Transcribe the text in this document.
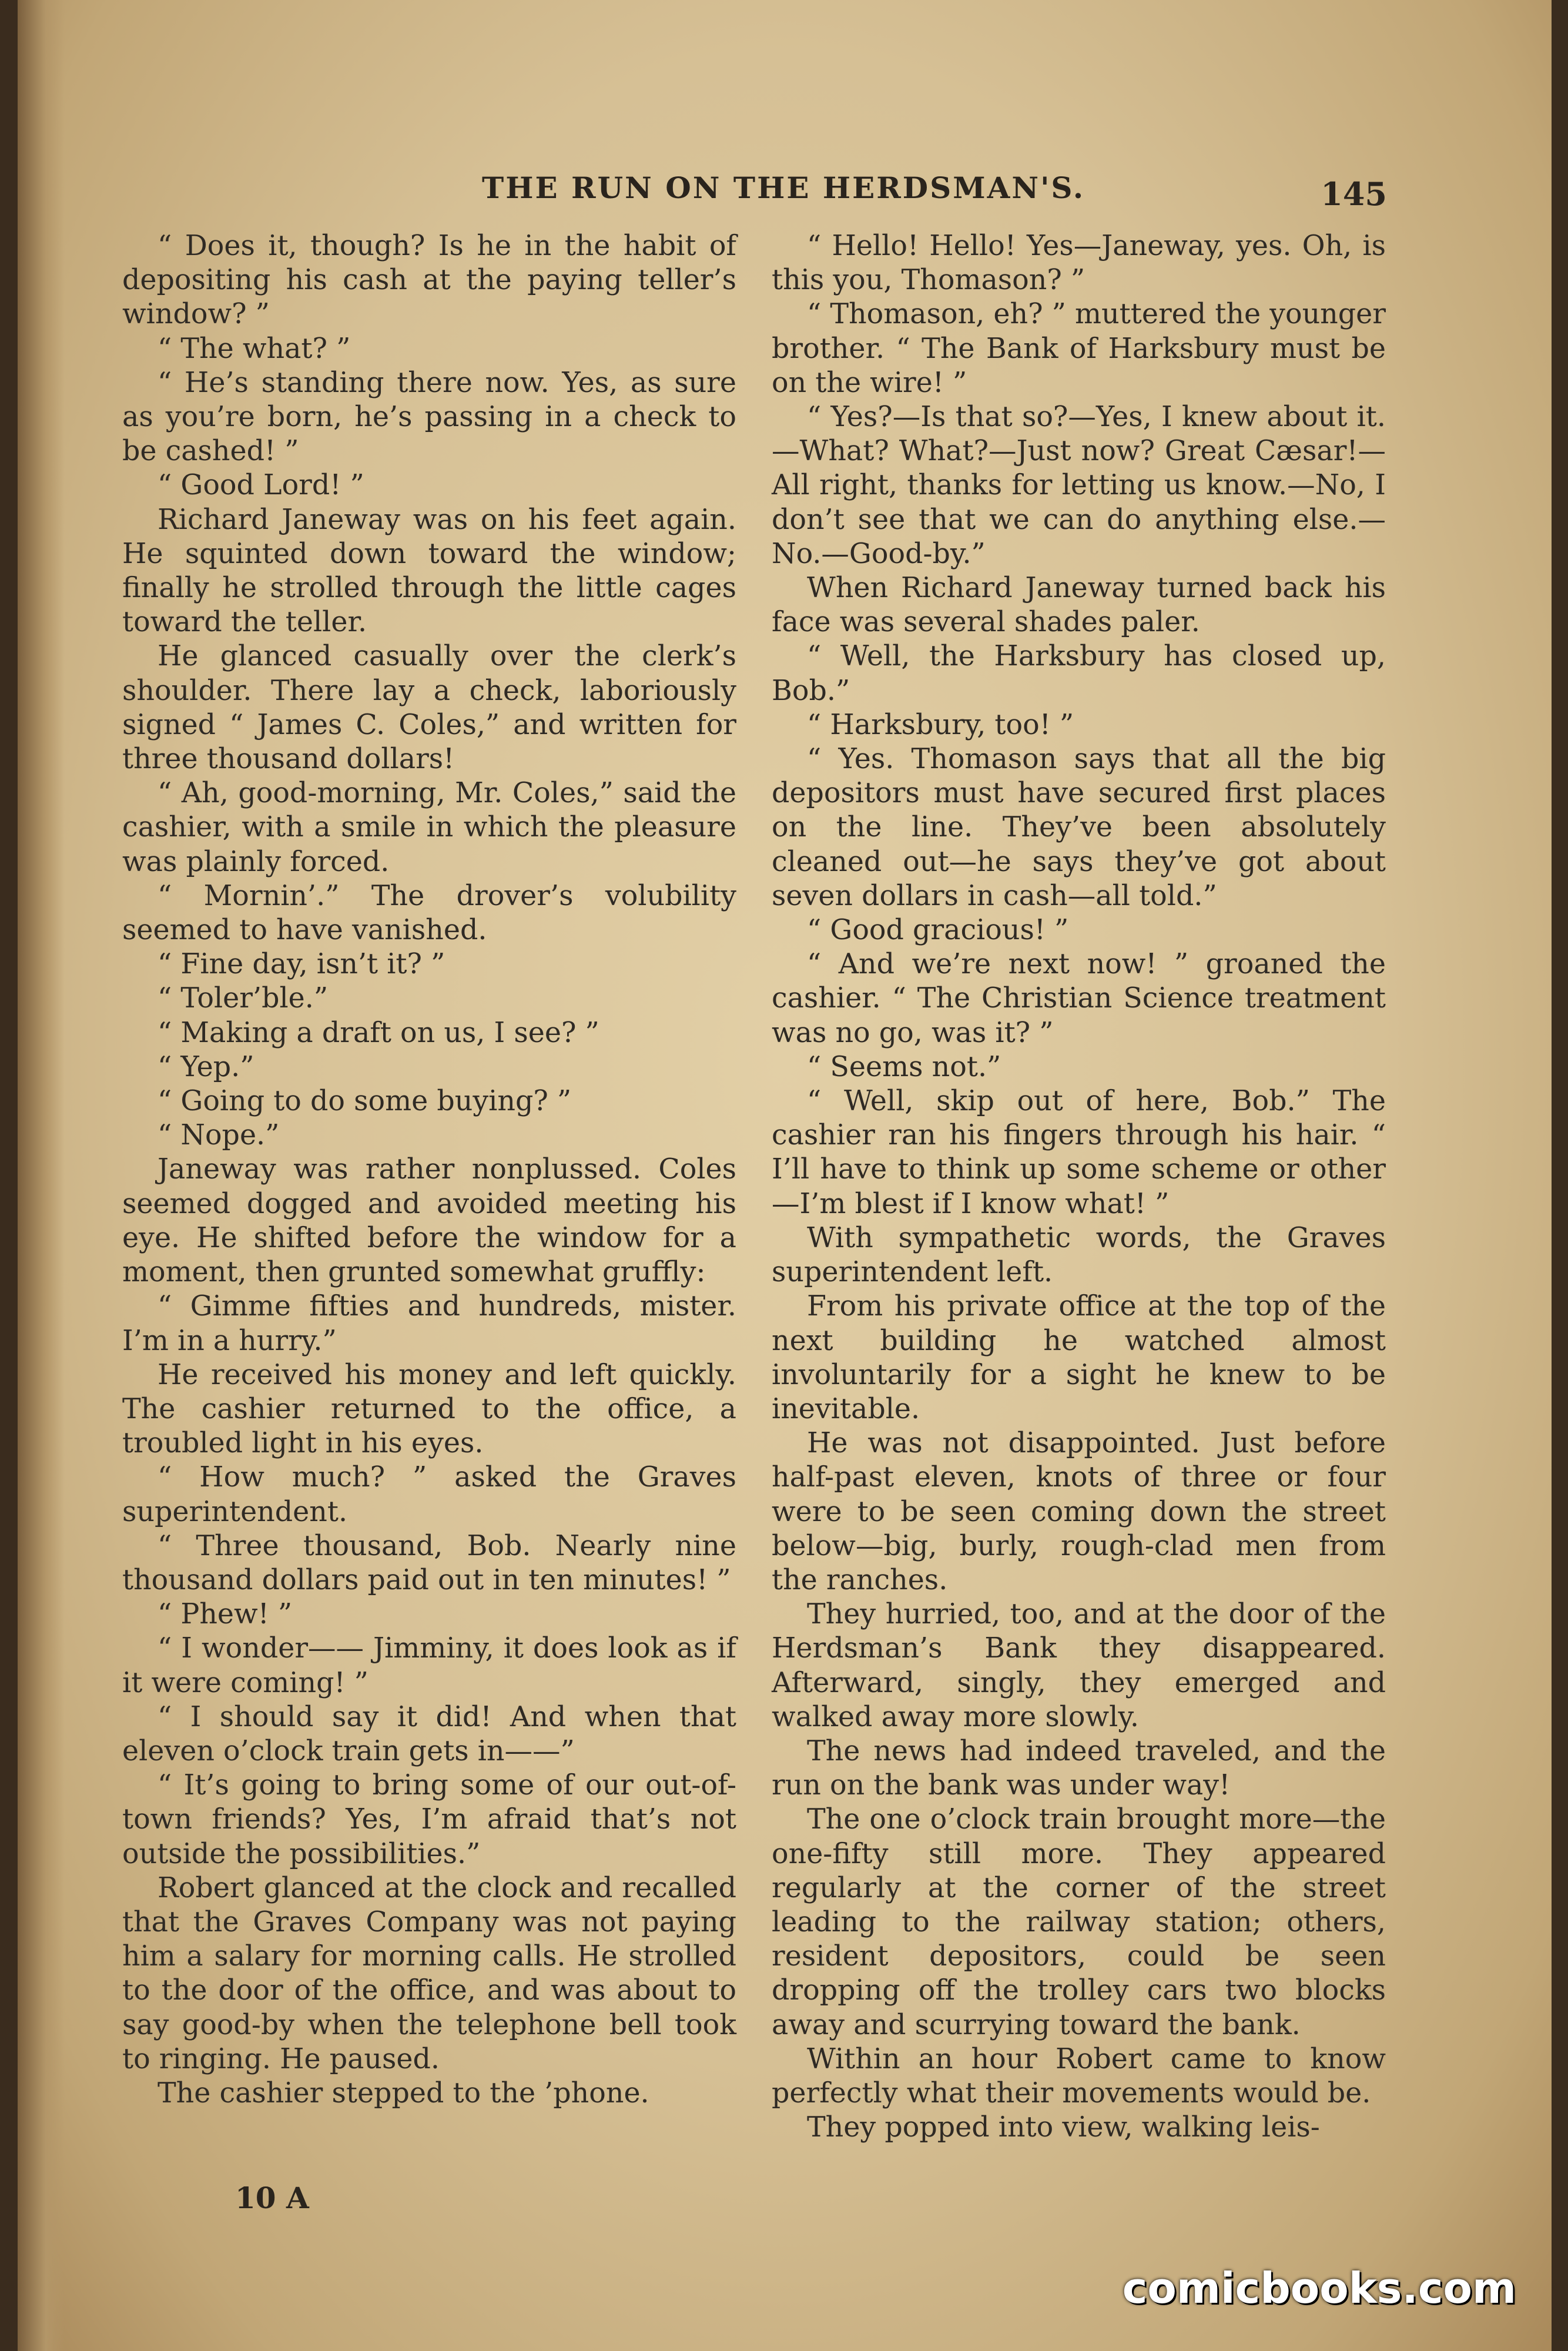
THE RUN ON THE HERDSMAN'S.	145

“ Does it, though? Is he in the habit of depositing his cash at the paying teller’s window? ”

“ The what? ”

“ He’s standing there now. Yes, as sure as you’re born, he’s passing in a check to be cashed! ”

“ Good Lord! ”

Richard Janeway was on his feet again. He squinted down toward the window; finally he strolled through the little cages toward the teller.

He glanced casually over the clerk’s shoulder. There lay a check, laboriously signed “ James C. Coles,” and written for three thousand dollars!

“ Ah, good-morning, Mr. Coles,” said the cashier, with a smile in which the pleasure was plainly forced.

“ Mornin’.” The drover’s volubility seemed to have vanished.

“ Fine day, isn’t it? ”

“ Toler’ble.”

“ Making a draft on us, I see? ”

“ Yep.”

“ Going to do some buying? ”

“ Nope.”

Janeway was rather nonplussed. Coles seemed dogged and avoided meeting his eye. He shifted before the window for a moment, then grunted somewhat gruffly:

“ Gimme fifties and hundreds, mister. I’m in a hurry.”

He received his money and left quickly. The cashier returned to the office, a troubled light in his eyes.

“ How much? ” asked the Graves superintendent.

“ Three thousand, Bob. Nearly nine thousand dollars paid out in ten minutes! ”

“ Phew! ”

“ I wonder—— Jimminy, it does look as if it were coming! ”

“ I should say it did! And when that eleven o’clock train gets in——”

“ It’s going to bring some of our out-of-town friends? Yes, I’m afraid that’s not outside the possibilities.”

Robert glanced at the clock and recalled that the Graves Company was not paying him a salary for morning calls. He strolled to the door of the office, and was about to say good-by when the telephone bell took to ringing. He paused.

The cashier stepped to the ’phone.

“ Hello! Hello! Yes—Janeway, yes. Oh, is this you, Thomason? ”

“ Thomason, eh? ” muttered the younger brother. “ The Bank of Harksbury must be on the wire! ”

“ Yes?—Is that so?—Yes, I knew about it.—What? What?—Just now? Great Cæsar!—All right, thanks for letting us know.—No, I don’t see that we can do anything else.—No.—Good-by.”

When Richard Janeway turned back his face was several shades paler.

“ Well, the Harksbury has closed up, Bob.”

“ Harksbury, too! ”

“ Yes. Thomason says that all the big depositors must have secured first places on the line. They’ve been absolutely cleaned out—he says they’ve got about seven dollars in cash—all told.”

“ Good gracious! ”

“ And we’re next now! ” groaned the cashier. “ The Christian Science treatment was no go, was it? ”

“ Seems not.”

“ Well, skip out of here, Bob.” The cashier ran his fingers through his hair. “ I’ll have to think up some scheme or other—I’m blest if I know what! ”

With sympathetic words, the Graves superintendent left.

From his private office at the top of the next building he watched almost involuntarily for a sight he knew to be inevitable.

He was not disappointed. Just before half-past eleven, knots of three or four were to be seen coming down the street below—big, burly, rough-clad men from the ranches.

They hurried, too, and at the door of the Herdsman’s Bank they disappeared. Afterward, singly, they emerged and walked away more slowly.

The news had indeed traveled, and the run on the bank was under way!

The one o’clock train brought more—the one-fifty still more. They appeared regularly at the corner of the street leading to the railway station; others, resident depositors, could be seen dropping off the trolley cars two blocks away and scurrying toward the bank.

Within an hour Robert came to know perfectly what their movements would be.

They popped into view, walking leis-

10 A
comicbooks.com
